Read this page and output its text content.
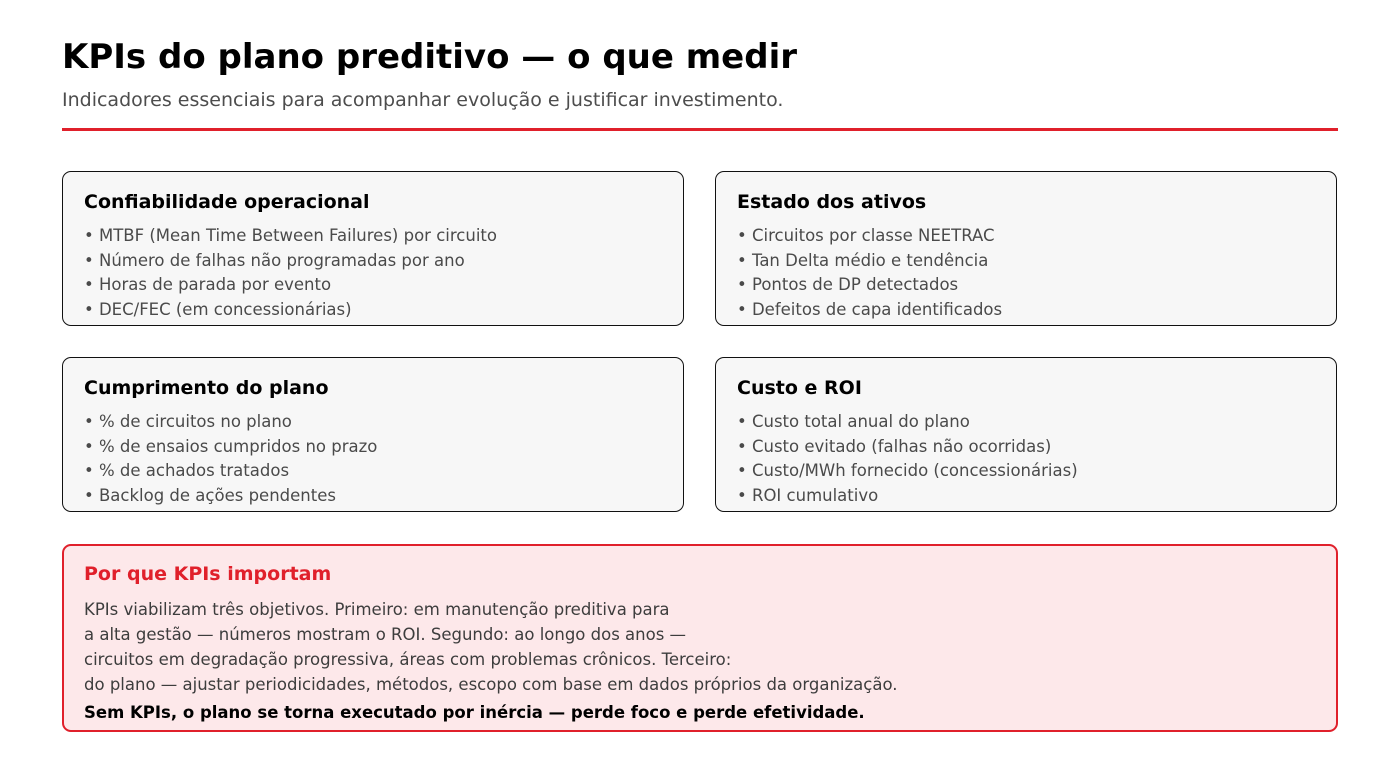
KPIs do plano preditivo — o que medir
Indicadores essenciais para acompanhar evolução e justificar investimento.
Confiabilidade operacional
• MTBF (Mean Time Between Failures) por circuito
• Número de falhas não programadas por ano
• Horas de parada por evento
• DEC/FEC (em concessionárias)
Estado dos ativos
• Circuitos por classe NEETRAC
• Tan Delta médio e tendência
• Pontos de DP detectados
• Defeitos de capa identificados
Cumprimento do plano
• % de circuitos no plano
• % de ensaios cumpridos no prazo
• % de achados tratados
• Backlog de ações pendentes
Custo e ROI
• Custo total anual do plano
• Custo evitado (falhas não ocorridas)
• Custo/MWh fornecido (concessionárias)
• ROI cumulativo
Por que KPIs importam
KPIs viabilizam três objetivos. Primeiro: em manutenção preditiva para
a alta gestão — números mostram o ROI. Segundo: ao longo dos anos —
circuitos em degradação progressiva, áreas com problemas crônicos. Terceiro:
do plano — ajustar periodicidades, métodos, escopo com base em dados próprios da organização.
Sem KPIs, o plano se torna executado por inércia — perde foco e perde efetividade.
